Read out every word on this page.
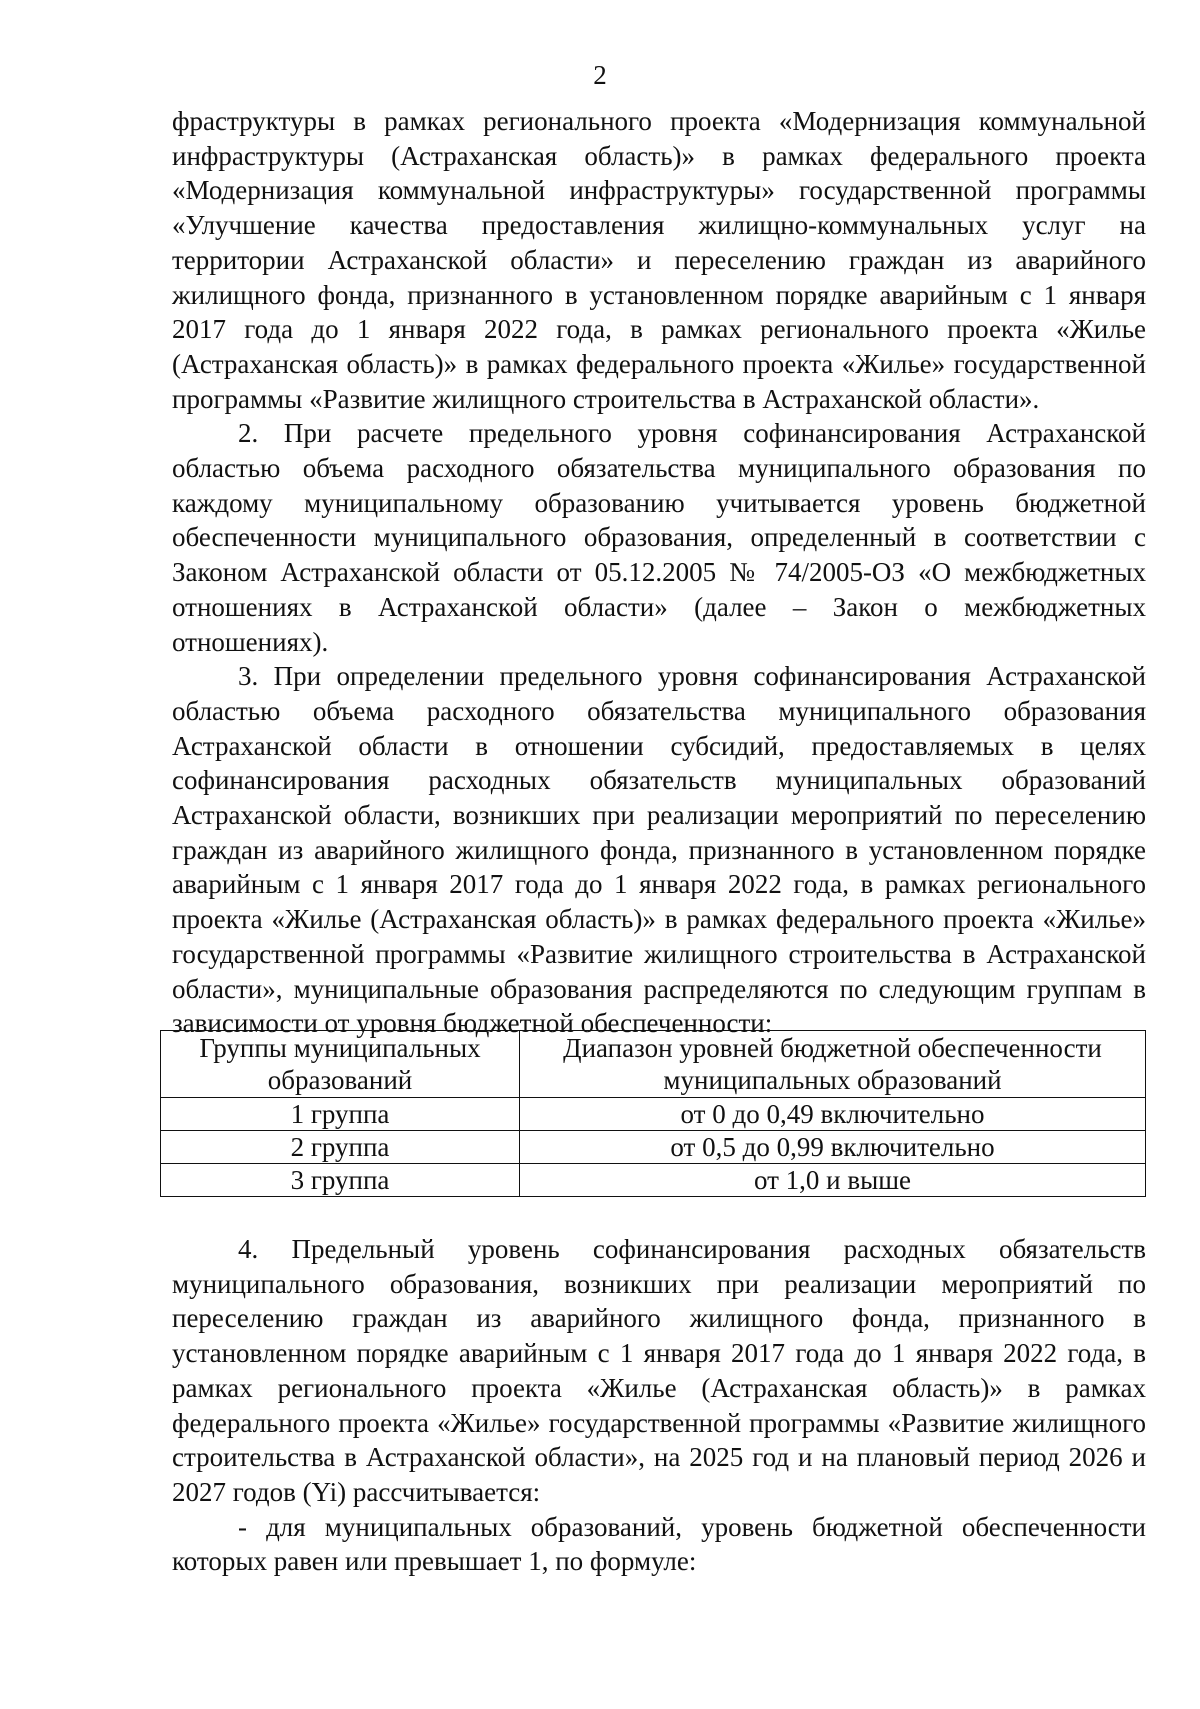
2

фраструктуры в рамках регионального проекта «Модернизация коммунальной инфраструктуры (Астраханская область)» в рамках федерального проекта «Модернизация коммунальной инфраструктуры» государственной программы «Улучшение качества предоставления жилищно-коммунальных услуг на территории Астраханской области» и переселению граждан из аварийного жилищного фонда, признанного в установленном порядке аварийным с 1 января 2017 года до 1 января 2022 года, в рамках регионального проекта «Жилье (Астраханская область)» в рамках федерального проекта «Жилье» государственной программы «Развитие жилищного строительства в Астраханской области».

2. При расчете предельного уровня софинансирования Астраханской областью объема расходного обязательства муниципального образования по каждому муниципальному образованию учитывается уровень бюджетной обеспеченности муниципального образования, определенный в соответствии с Законом Астраханской области от 05.12.2005 № 74/2005-ОЗ «О межбюджетных отношениях в Астраханской области» (далее – Закон о межбюджетных отношениях).

3. При определении предельного уровня софинансирования Астраханской областью объема расходного обязательства муниципального образования Астраханской области в отношении субсидий, предоставляемых в целях софинансирования расходных обязательств муниципальных образований Астраханской области, возникших при реализации мероприятий по переселению граждан из аварийного жилищного фонда, признанного в установленном порядке аварийным с 1 января 2017 года до 1 января 2022 года, в рамках регионального проекта «Жилье (Астраханская область)» в рамках федерального проекта «Жилье» государственной программы «Развитие жилищного строительства в Астраханской области», муниципальные образования распределяются по следующим группам в зависимости от уровня бюджетной обеспеченности:

Группы муниципальных образований	Диапазон уровней бюджетной обеспеченности муниципальных образований
1 группа	от 0 до 0,49 включительно
2 группа	от 0,5 до 0,99 включительно
3 группа	от 1,0 и выше

4. Предельный уровень софинансирования расходных обязательств муниципального образования, возникших при реализации мероприятий по переселению граждан из аварийного жилищного фонда, признанного в установленном порядке аварийным с 1 января 2017 года до 1 января 2022 года, в рамках регионального проекта «Жилье (Астраханская область)» в рамках федерального проекта «Жилье» государственной программы «Развитие жилищного строительства в Астраханской области», на 2025 год и на плановый период 2026 и 2027 годов (Yi) рассчитывается:

- для муниципальных образований, уровень бюджетной обеспеченности которых равен или превышает 1, по формуле:
